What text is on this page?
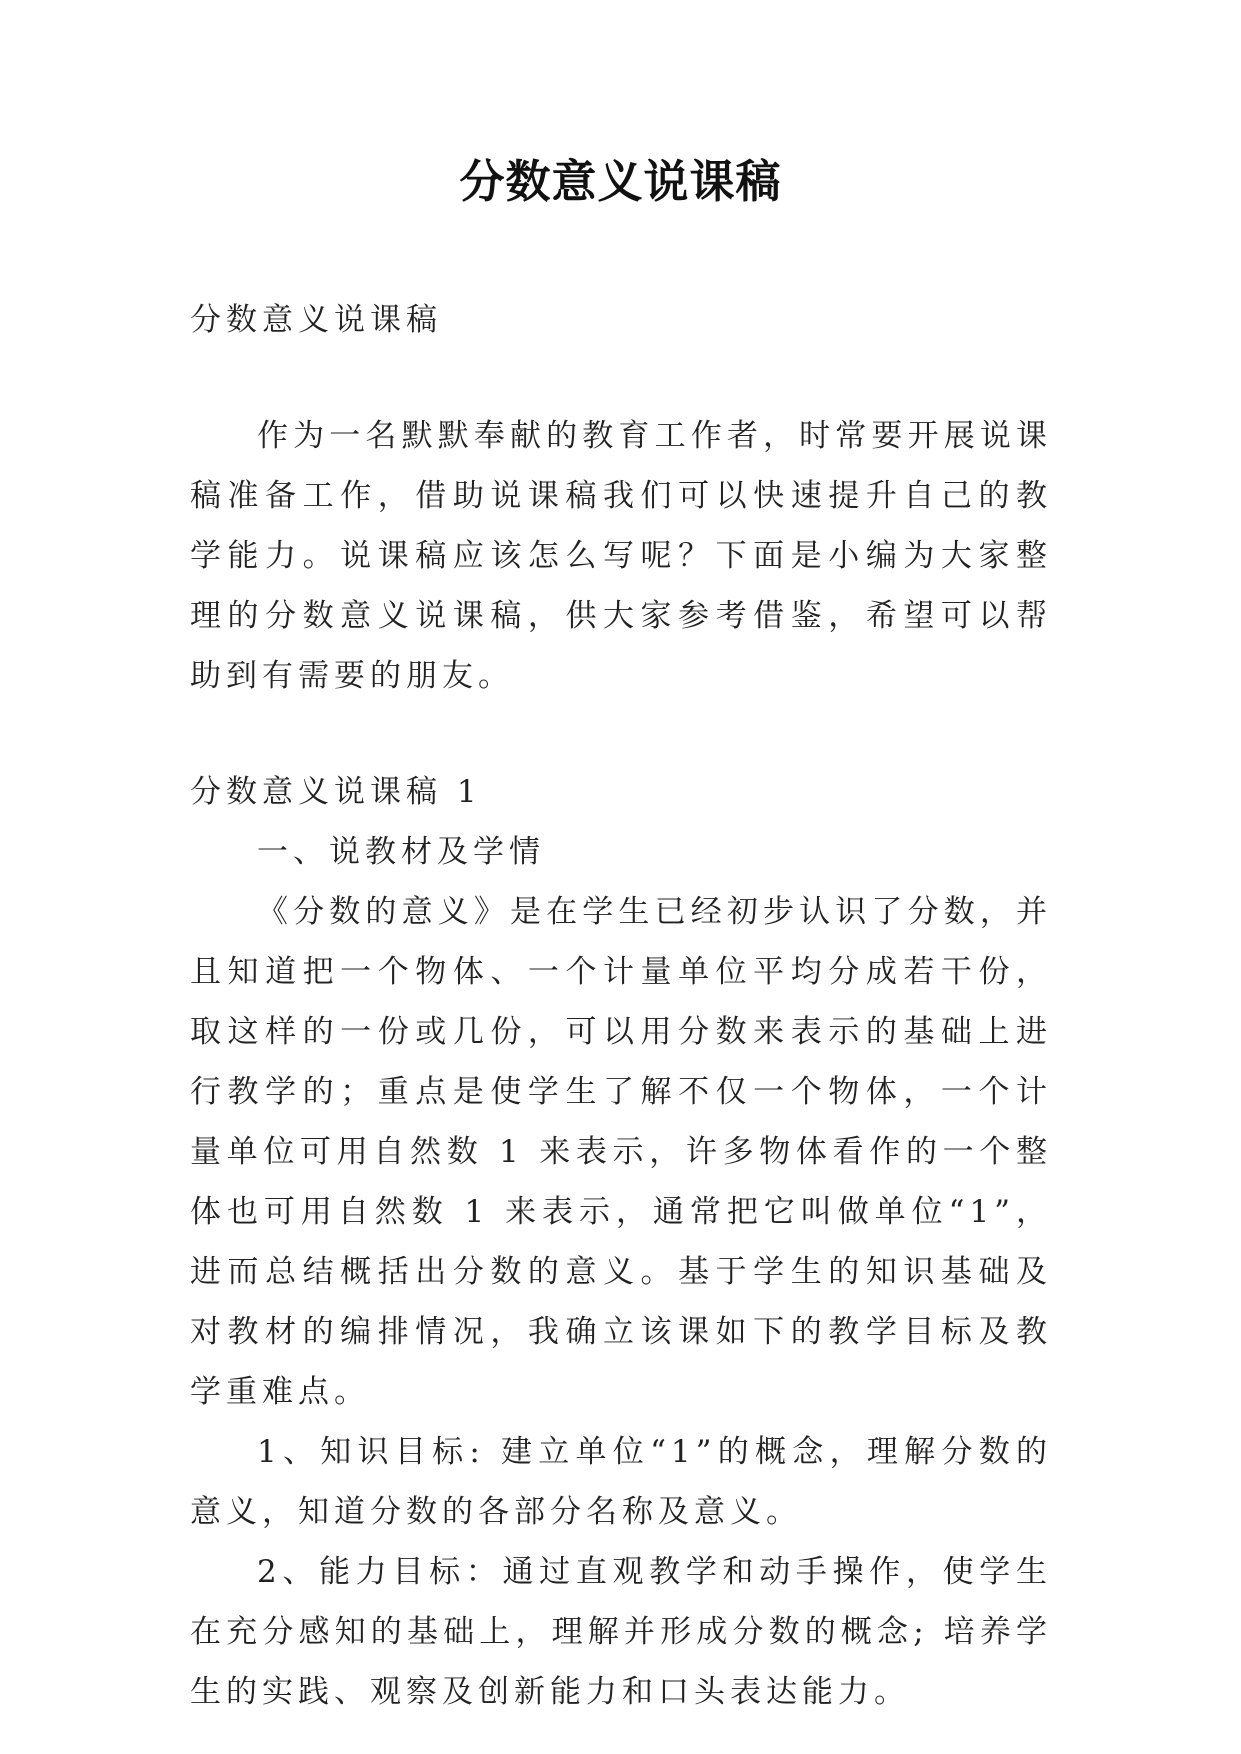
分数意义说课稿

分数意义说课稿

作为一名默默奉献的教育工作者，时常要开展说课稿准备工作，借助说课稿我们可以快速提升自己的教学能力。说课稿应该怎么写呢？下面是小编为大家整理的分数意义说课稿，供大家参考借鉴，希望可以帮助到有需要的朋友。

分数意义说课稿 1

一、说教材及学情

《分数的意义》是在学生已经初步认识了分数，并且知道把一个物体、一个计量单位平均分成若干份，取这样的一份或几份，可以用分数来表示的基础上进行教学的；重点是使学生了解不仅一个物体，一个计量单位可用自然数 1 来表示，许多物体看作的一个整体也可用自然数 1 来表示，通常把它叫做单位“1”，进而总结概括出分数的意义。基于学生的知识基础及对教材的编排情况，我确立该课如下的教学目标及教学重难点。

1、知识目标: 建立单位“1”的概念，理解分数的意义，知道分数的各部分名称及意义。

2、能力目标：通过直观教学和动手操作，使学生在充分感知的基础上，理解并形成分数的概念; 培养学生的实践、观察及创新能力和口头表达能力。
